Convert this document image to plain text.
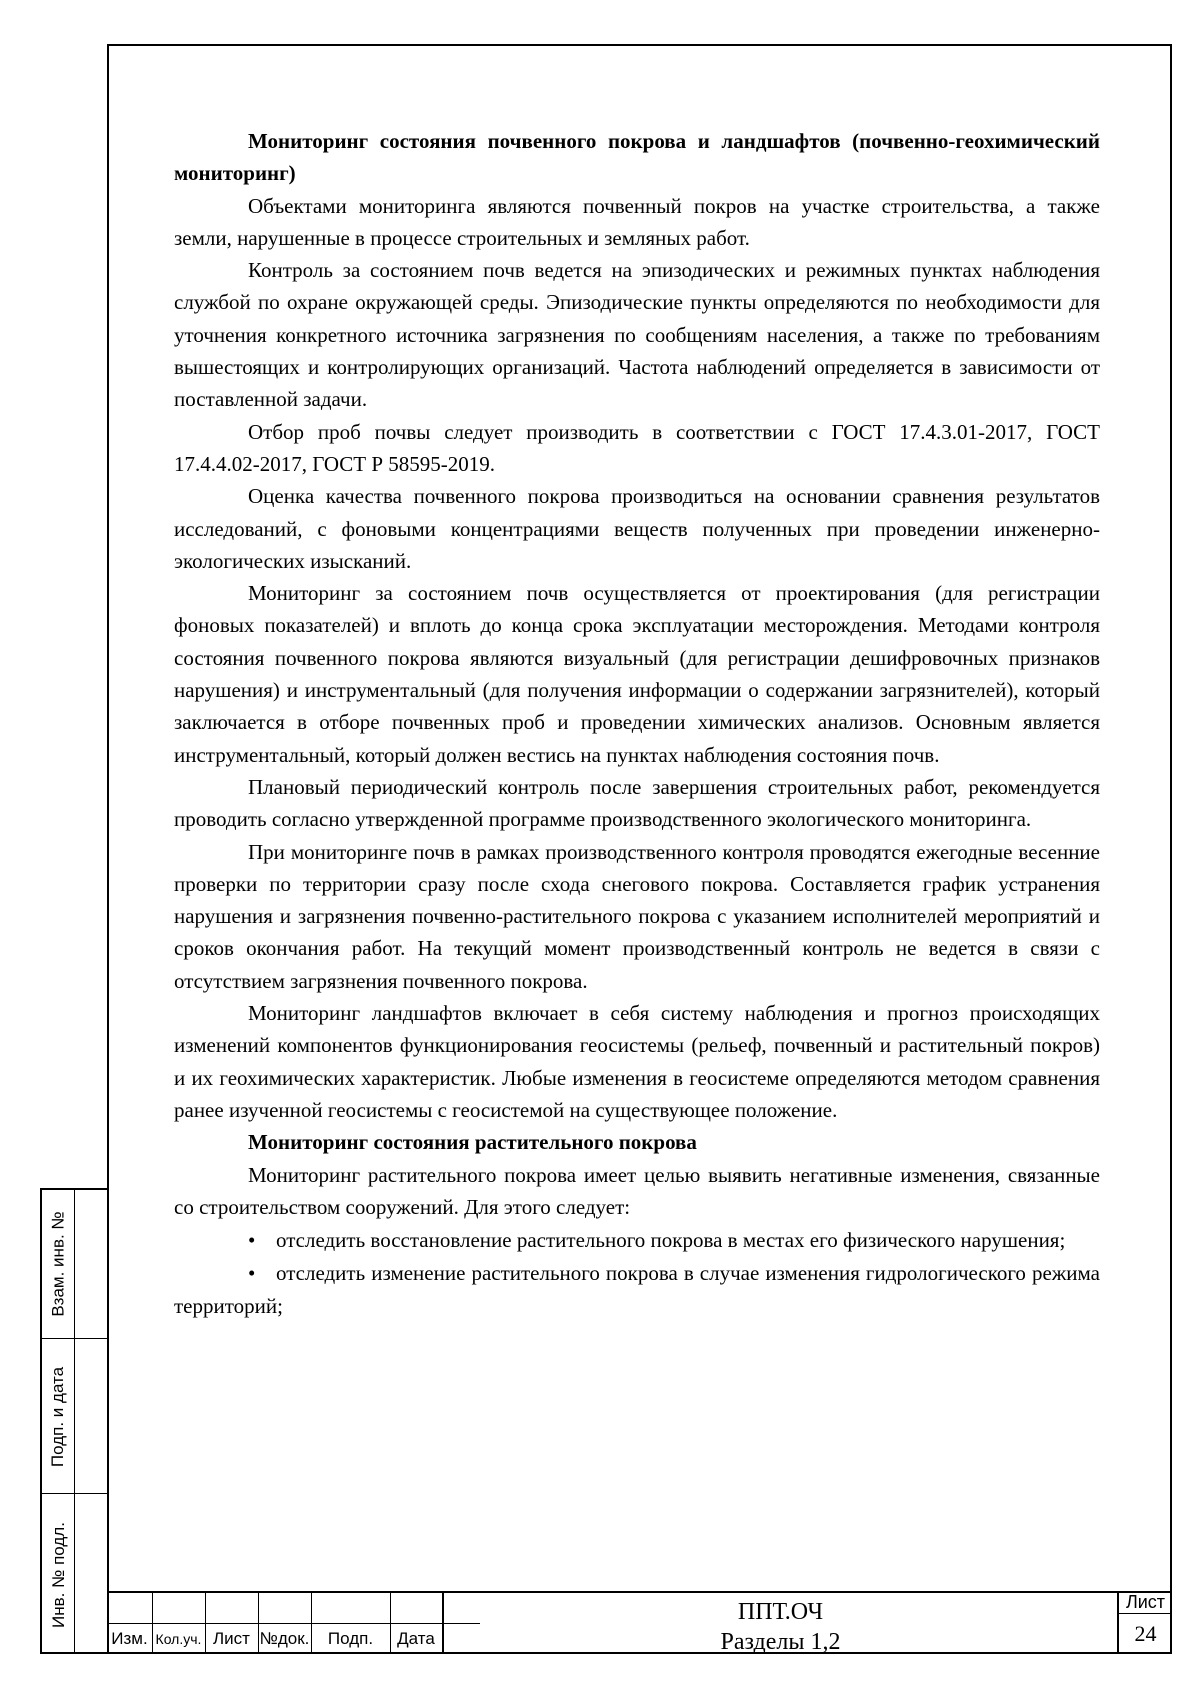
Мониторинг состояния почвенного покрова и ландшафтов (почвенно-геохимический мониторинг)

Объектами мониторинга являются почвенный покров на участке строительства, а также земли, нарушенные в процессе строительных и земляных работ.

Контроль за состоянием почв ведется на эпизодических и режимных пунктах наблюдения службой по охране окружающей среды. Эпизодические пункты определяются по необходимости для уточнения конкретного источника загрязнения по сообщениям населения, а также по требованиям вышестоящих и контролирующих организаций. Частота наблюдений определяется в зависимости от поставленной задачи.

Отбор проб почвы следует производить в соответствии с ГОСТ 17.4.3.01-2017, ГОСТ 17.4.4.02-2017, ГОСТ Р 58595-2019.

Оценка качества почвенного покрова производиться на основании сравнения результатов исследований, с фоновыми концентрациями веществ полученных при проведении инженерно-экологических изысканий.

Мониторинг за состоянием почв осуществляется от проектирования (для регистрации фоновых показателей) и вплоть до конца срока эксплуатации месторождения. Методами контроля состояния почвенного покрова являются визуальный (для регистрации дешифровочных признаков нарушения) и инструментальный (для получения информации о содержании загрязнителей), который заключается в отборе почвенных проб и проведении химических анализов. Основным является инструментальный, который должен вестись на пунктах наблюдения состояния почв.

Плановый периодический контроль после завершения строительных работ, рекомендуется проводить согласно утвержденной программе производственного экологического мониторинга.

При мониторинге почв в рамках производственного контроля проводятся ежегодные весенние проверки по территории сразу после схода снегового покрова. Составляется график устранения нарушения и загрязнения почвенно-растительного покрова с указанием исполнителей мероприятий и сроков окончания работ. На текущий момент производственный контроль не ведется в связи с отсутствием загрязнения почвенного покрова.

Мониторинг ландшафтов включает в себя систему наблюдения и прогноз происходящих изменений компонентов функционирования геосистемы (рельеф, почвенный и растительный покров) и их геохимических характеристик. Любые изменения в геосистеме определяются методом сравнения ранее изученной геосистемы с геосистемой на существующее положение.

Мониторинг состояния растительного покрова

Мониторинг растительного покрова имеет целью выявить негативные изменения, связанные со строительством сооружений. Для этого следует:

• отследить восстановление растительного покрова в местах его физического нарушения;

• отследить изменение растительного покрова в случае изменения гидрологического режима территорий;

Взам. инв. №
Подп. и дата
Инв. № подл.
Изм. Кол.уч. Лист №док.	Подп.	Дата
ППТ.ОЧ
Разделы 1,2
Лист
24
